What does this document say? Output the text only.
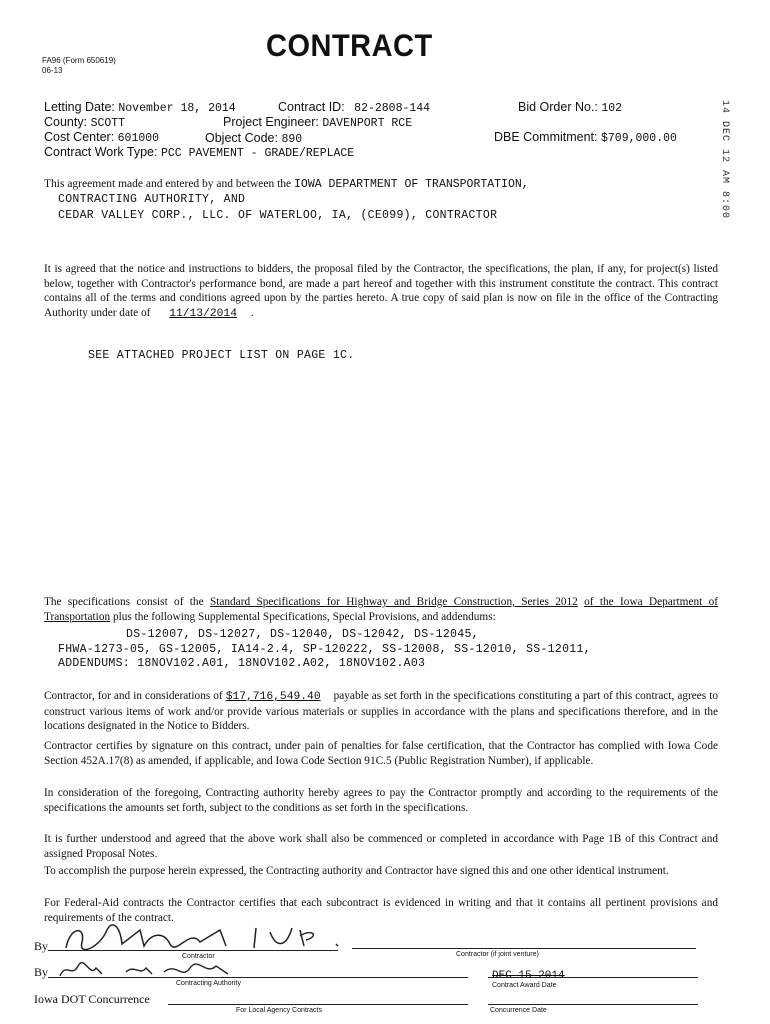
FA96 (Form 650619)
06-13
CONTRACT
Letting Date: November 18, 2014	Contract ID: 82-2808-144	Bid Order No.: 102
County: SCOTT	Project Engineer: DAVENPORT RCE
Cost Center: 601000	Object Code: 890	DBE Commitment: $709,000.00
Contract Work Type: PCC PAVEMENT - GRADE/REPLACE	14 DEC 12 AM 8:00
This agreement made and entered by and between the IOWA DEPARTMENT OF TRANSPORTATION,
CONTRACTING AUTHORITY, AND
CEDAR VALLEY CORP., LLC. OF WATERLOO, IA, (CE099), CONTRACTOR
It is agreed that the notice and instructions to bidders, the proposal filed by the Contractor, the specifications, the plan, if any, for project(s) listed below, together with Contractor's performance bond, are made a part hereof and together with this instrument constitute the contract. This contract contains all of the terms and conditions agreed upon by the parties hereto. A true copy of said plan is now on file in the office of the Contracting Authority under date of 11/13/2014 .
SEE ATTACHED PROJECT LIST ON PAGE 1C.
The specifications consist of the Standard Specifications for Highway and Bridge Construction, Series 2012 of the Iowa Department of Transportation plus the following Supplemental Specifications, Special Provisions, and addendums:
DS-12007, DS-12027, DS-12040, DS-12042, DS-12045,
FHWA-1273-05, GS-12005, IA14-2.4, SP-120222, SS-12008, SS-12010, SS-12011,
ADDENDUMS: 18NOV102.A01, 18NOV102.A02, 18NOV102.A03
Contractor, for and in considerations of $17,716,549.40 payable as set forth in the specifications constituting a part of this contract, agrees to construct various items of work and/or provide various materials or supplies in accordance with the plans and specifications therefore, and in the locations designated in the Notice to Bidders.
Contractor certifies by signature on this contract, under pain of penalties for false certification, that the Contractor has complied with Iowa Code Section 452A.17(8) as amended, if applicable, and Iowa Code Section 91C.5 (Public Registration Number), if applicable.
In consideration of the foregoing, Contracting authority hereby agrees to pay the Contractor promptly and according to the requirements of the specifications the amounts set forth, subject to the conditions as set forth in the specifications.
It is further understood and agreed that the above work shall also be commenced or completed in accordance with Page 1B of this Contract and assigned Proposal Notes.
To accomplish the purpose herein expressed, the Contracting authority and Contractor have signed this and one other identical instrument.
For Federal-Aid contracts the Contractor certifies that each subcontract is evidenced in writing and that it contains all pertinent provisions and requirements of the contract.
By
Contractor	Contractor (if joint venture)
By
Contracting Authority
DEC 15 2014
Contract Award Date
Iowa DOT Concurrence
For Local Agency Contracts	Concurrence Date
